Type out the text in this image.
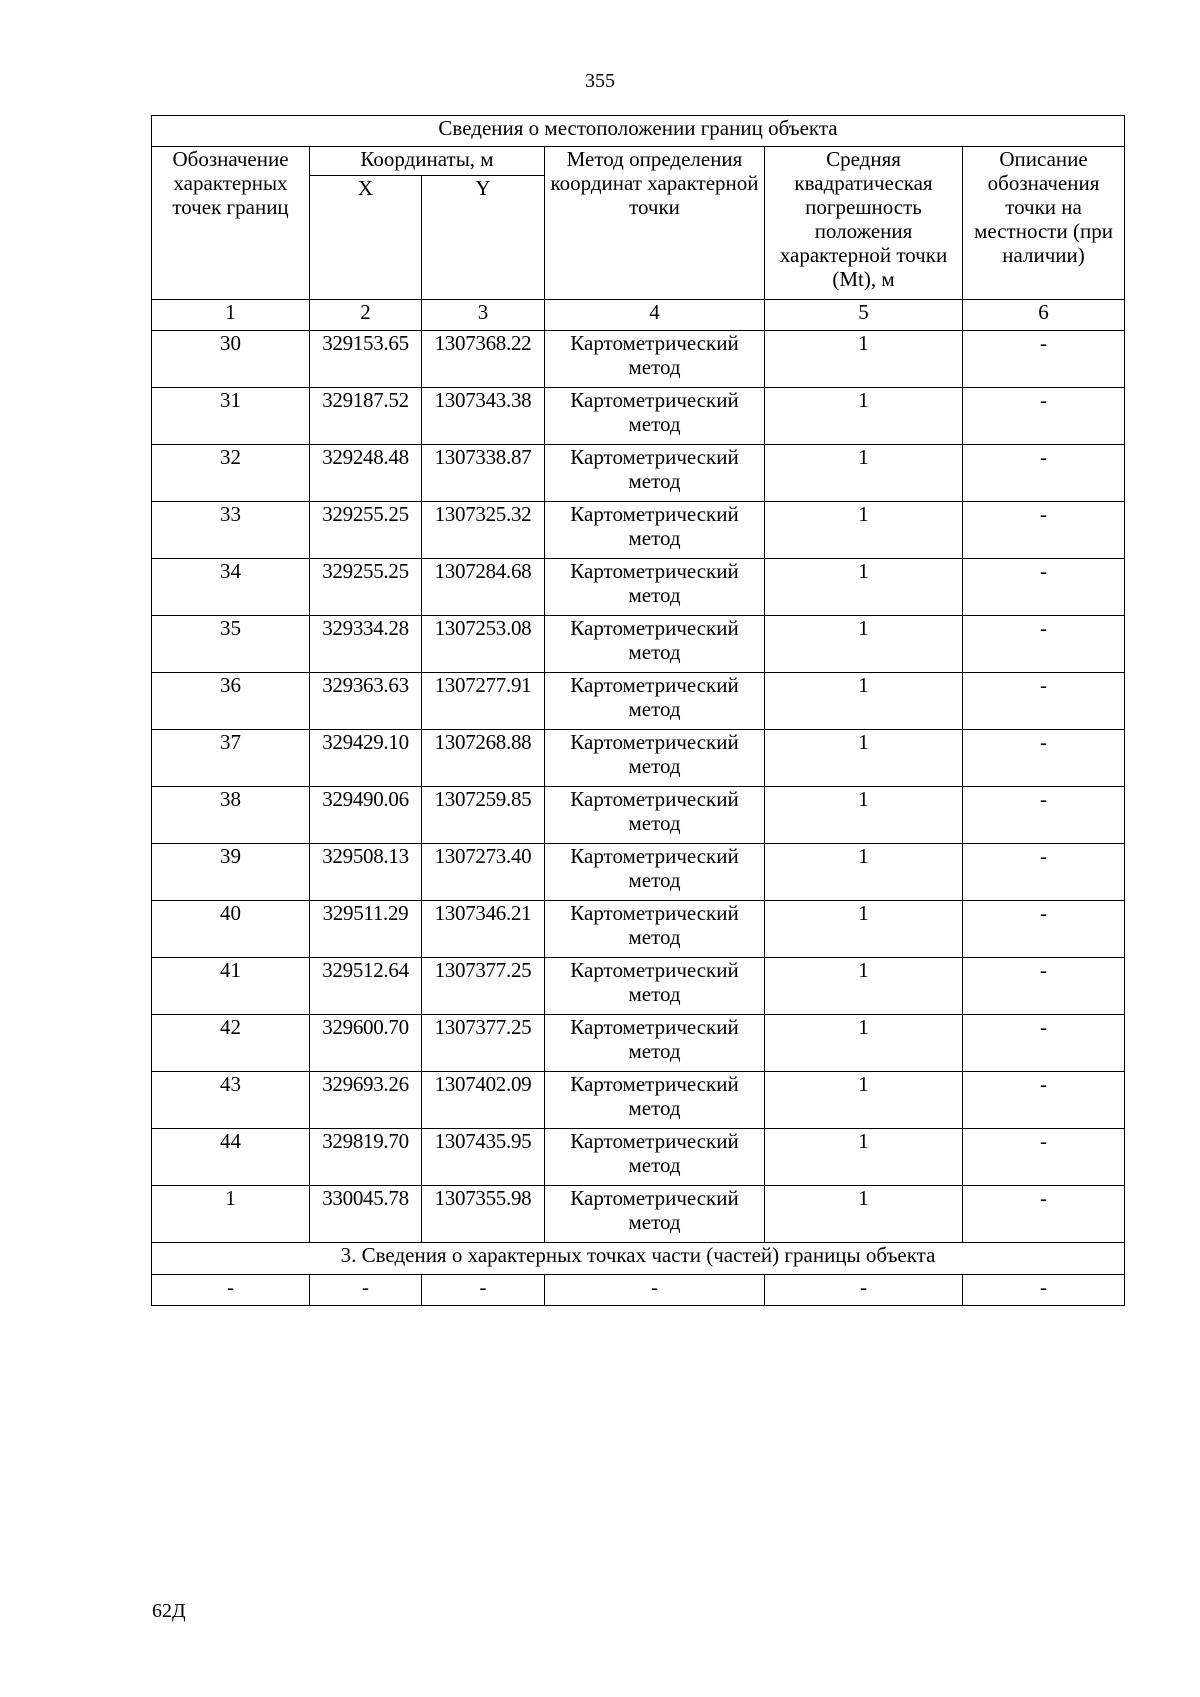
355
Сведения о местоположении границ объекта					
Обозначение характерных точек границ	Координаты, м		Метод определения координат характерной точки	Средняя квадратическая погрешность положения характерной точки (Mt), м	Описание обозначения точки на местности (при наличии)
	X	Y			
1	2	3	4	5	6
30	329153.65	1307368.22	Картометрический метод	1	-
31	329187.52	1307343.38	Картометрический метод	1	-
32	329248.48	1307338.87	Картометрический метод	1	-
33	329255.25	1307325.32	Картометрический метод	1	-
34	329255.25	1307284.68	Картометрический метод	1	-
35	329334.28	1307253.08	Картометрический метод	1	-
36	329363.63	1307277.91	Картометрический метод	1	-
37	329429.10	1307268.88	Картометрический метод	1	-
38	329490.06	1307259.85	Картометрический метод	1	-
39	329508.13	1307273.40	Картометрический метод	1	-
40	329511.29	1307346.21	Картометрический метод	1	-
41	329512.64	1307377.25	Картометрический метод	1	-
42	329600.70	1307377.25	Картометрический метод	1	-
43	329693.26	1307402.09	Картометрический метод	1	-
44	329819.70	1307435.95	Картометрический метод	1	-
1	330045.78	1307355.98	Картометрический метод	1	-
3. Сведения о характерных точках части (частей) границы объекта					
-	-	-	-	-	-
62Д
